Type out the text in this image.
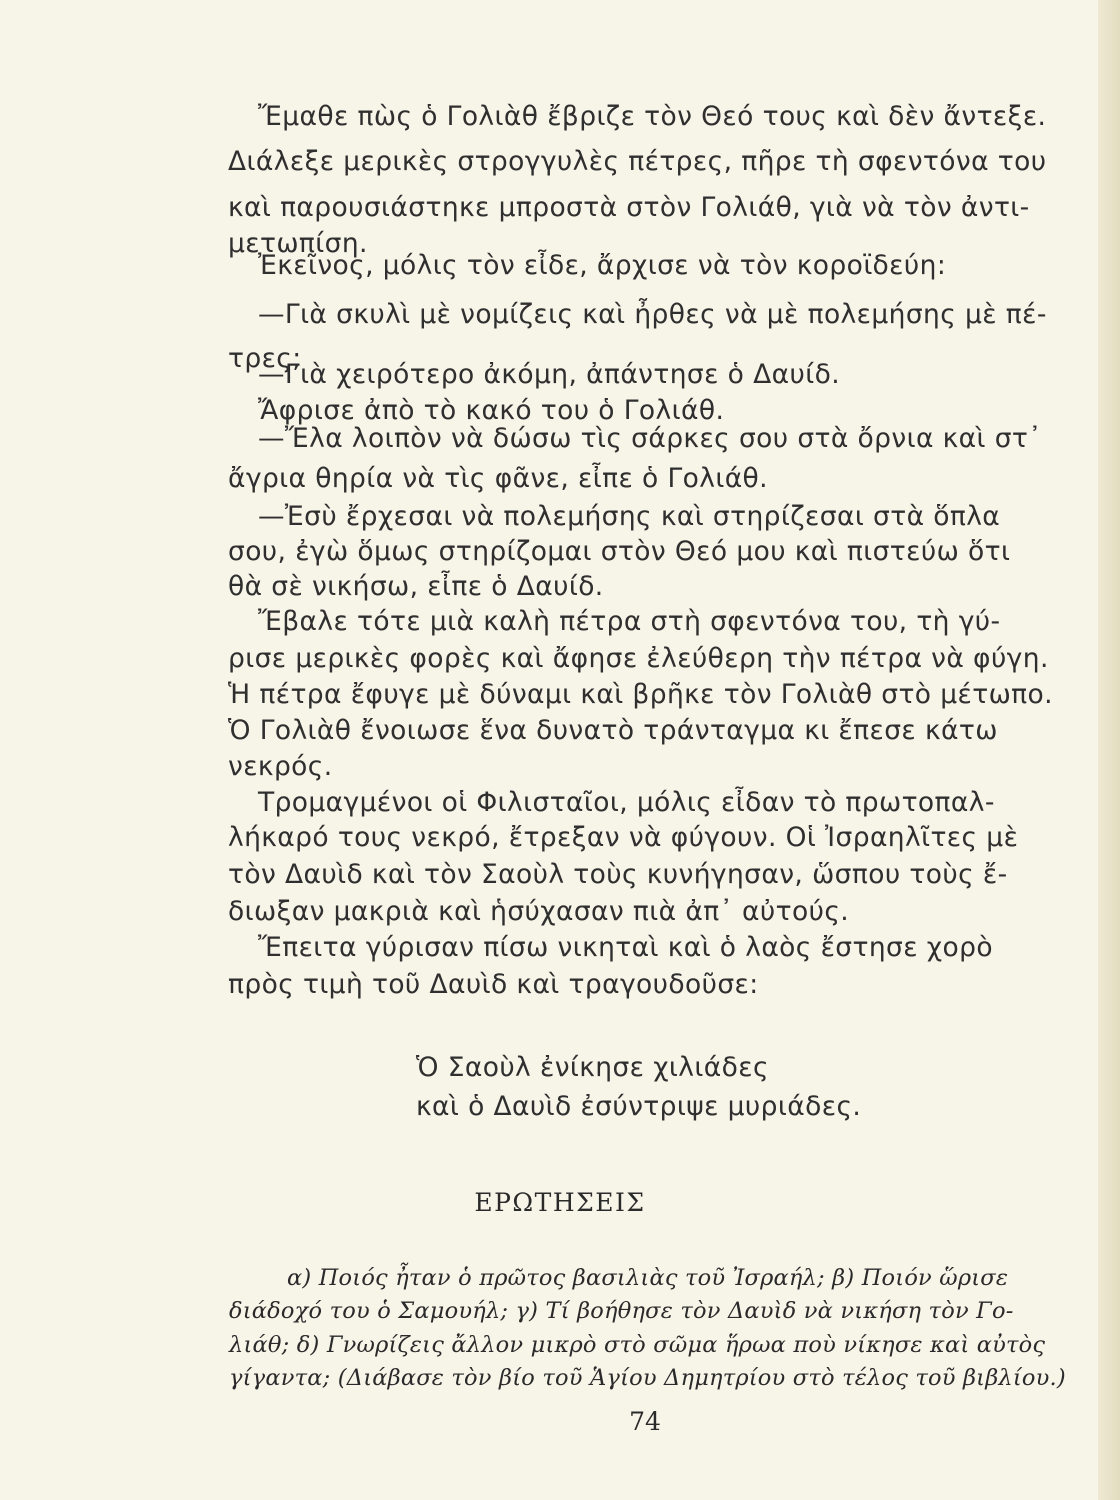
Ἔμαθε πὼς ὁ Γολιὰθ ἔβριζε τὸν Θεό τους καὶ δὲν ἄντεξε.
Διάλεξε μερικὲς στρογγυλὲς πέτρες, πῆρε τὴ σφεντόνα του
καὶ παρουσιάστηκε μπροστὰ στὸν Γολιάθ, γιὰ νὰ τὸν ἀντι-
μετωπίση.
Ἐκεῖνος, μόλις τὸν εἶδε, ἄρχισε νὰ τὸν κοροϊδεύη:
—Γιὰ σκυλὶ μὲ νομίζεις καὶ ἦρθες νὰ μὲ πολεμήσης μὲ πέ-
τρες;
—Γιὰ χειρότερο ἀκόμη, ἀπάντησε ὁ Δαυίδ.
Ἄφρισε ἀπὸ τὸ κακό του ὁ Γολιάθ.
—Ἔλα λοιπὸν νὰ δώσω τὶς σάρκες σου στὰ ὄρνια καὶ στ᾽
ἄγρια θηρία νὰ τὶς φᾶνε, εἶπε ὁ Γολιάθ.
—Ἐσὺ ἔρχεσαι νὰ πολεμήσης καὶ στηρίζεσαι στὰ ὅπλα
σου, ἐγὼ ὅμως στηρίζομαι στὸν Θεό μου καὶ πιστεύω ὅτι
θὰ σὲ νικήσω, εἶπε ὁ Δαυίδ.
Ἔβαλε τότε μιὰ καλὴ πέτρα στὴ σφεντόνα του, τὴ γύ-
ρισε μερικὲς φορὲς καὶ ἄφησε ἐλεύθερη τὴν πέτρα νὰ φύγη.
Ἡ πέτρα ἔφυγε μὲ δύναμι καὶ βρῆκε τὸν Γολιὰθ στὸ μέτωπο.
Ὁ Γολιὰθ ἔνοιωσε ἕνα δυνατὸ τράνταγμα κι ἔπεσε κάτω
νεκρός.
Τρομαγμένοι οἱ Φιλισταῖοι, μόλις εἶδαν τὸ πρωτοπαλ-
λήκαρό τους νεκρό, ἔτρεξαν νὰ φύγουν. Οἱ Ἰσραηλῖτες μὲ
τὸν Δαυὶδ καὶ τὸν Σαοὺλ τοὺς κυνήγησαν, ὥσπου τοὺς ἔ-
διωξαν μακριὰ καὶ ἡσύχασαν πιὰ ἀπ᾽ αὐτούς.
Ἔπειτα γύρισαν πίσω νικηταὶ καὶ ὁ λαὸς ἔστησε χορὸ
πρὸς τιμὴ τοῦ Δαυὶδ καὶ τραγουδοῦσε:
Ὁ Σαοὺλ ἐνίκησε χιλιάδες
καὶ ὁ Δαυὶδ ἐσύντριψε μυριάδες.
ΕΡΩΤΗΣΕΙΣ
α) Ποιός ἦταν ὁ πρῶτος βασιλιὰς τοῦ Ἰσραήλ; β) Ποιόν ὥρισε
διάδοχό του ὁ Σαμουήλ; γ) Τί βοήθησε τὸν Δαυὶδ νὰ νικήση τὸν Γο-
λιάθ; δ) Γνωρίζεις ἄλλον μικρὸ στὸ σῶμα ἥρωα ποὺ νίκησε καὶ αὐτὸς
γίγαντα; (Διάβασε τὸν βίο τοῦ Ἁγίου Δημητρίου στὸ τέλος τοῦ βιβλίου.)
74
